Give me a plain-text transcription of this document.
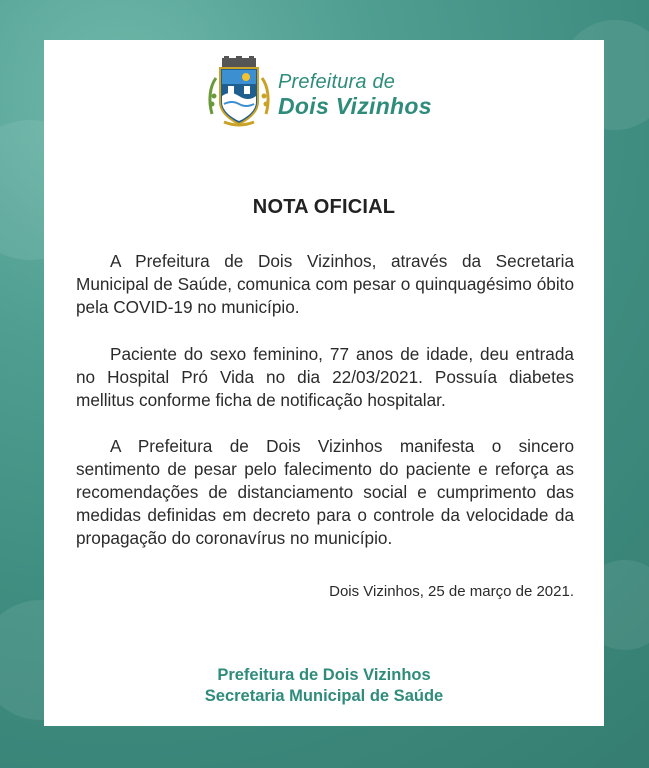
Prefeitura de
Dois Vizinhos
NOTA OFICIAL

A Prefeitura de Dois Vizinhos, através da Secretaria Municipal de Saúde, comunica com pesar o quinquagésimo óbito pela COVID-19 no município.

Paciente do sexo feminino, 77 anos de idade, deu entrada no Hospital Pró Vida no dia 22/03/2021. Possuía diabetes mellitus conforme ficha de notificação hospitalar.

A Prefeitura de Dois Vizinhos manifesta o sincero sentimento de pesar pelo falecimento do paciente e reforça as recomendações de distanciamento social e cumprimento das medidas definidas em decreto para o controle da velocidade da propagação do coronavírus no município.

Dois Vizinhos, 25 de março de 2021.
Prefeitura de Dois Vizinhos
Secretaria Municipal de Saúde
